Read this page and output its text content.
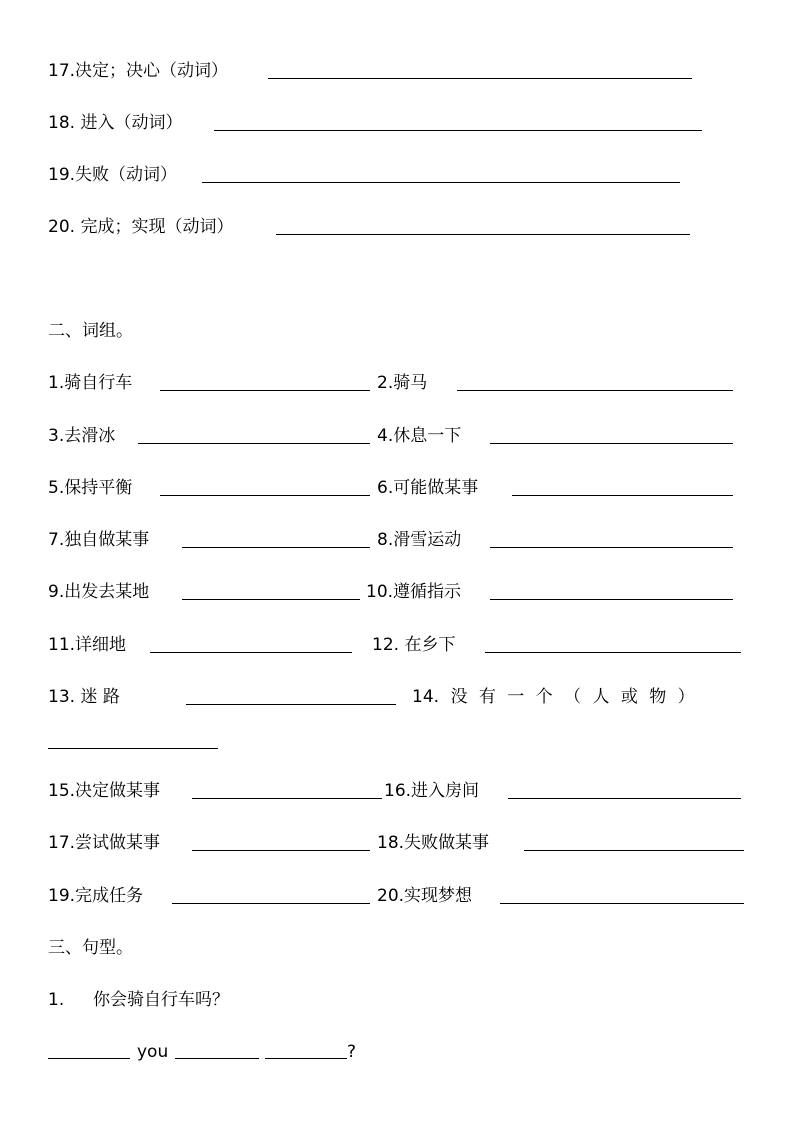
17.决定；决心（动词）
18. 进入（动词）
19.失败（动词）
20. 完成；实现（动词）
二、词组。
1.骑自行车	2.骑马
3.去滑冰	4.休息一下
5.保持平衡	6.可能做某事
7.独自做某事	8.滑雪运动
9.出发去某地	10.遵循指示
11.详细地	12. 在乡下
13. 迷 路	14. 没 有 一 个 （ 人 或 物 ）
15.决定做某事	16.进入房间
17.尝试做某事	18.失败做某事
19.完成任务	20.实现梦想
三、句型。
1. 你会骑自行车吗？
you	?
